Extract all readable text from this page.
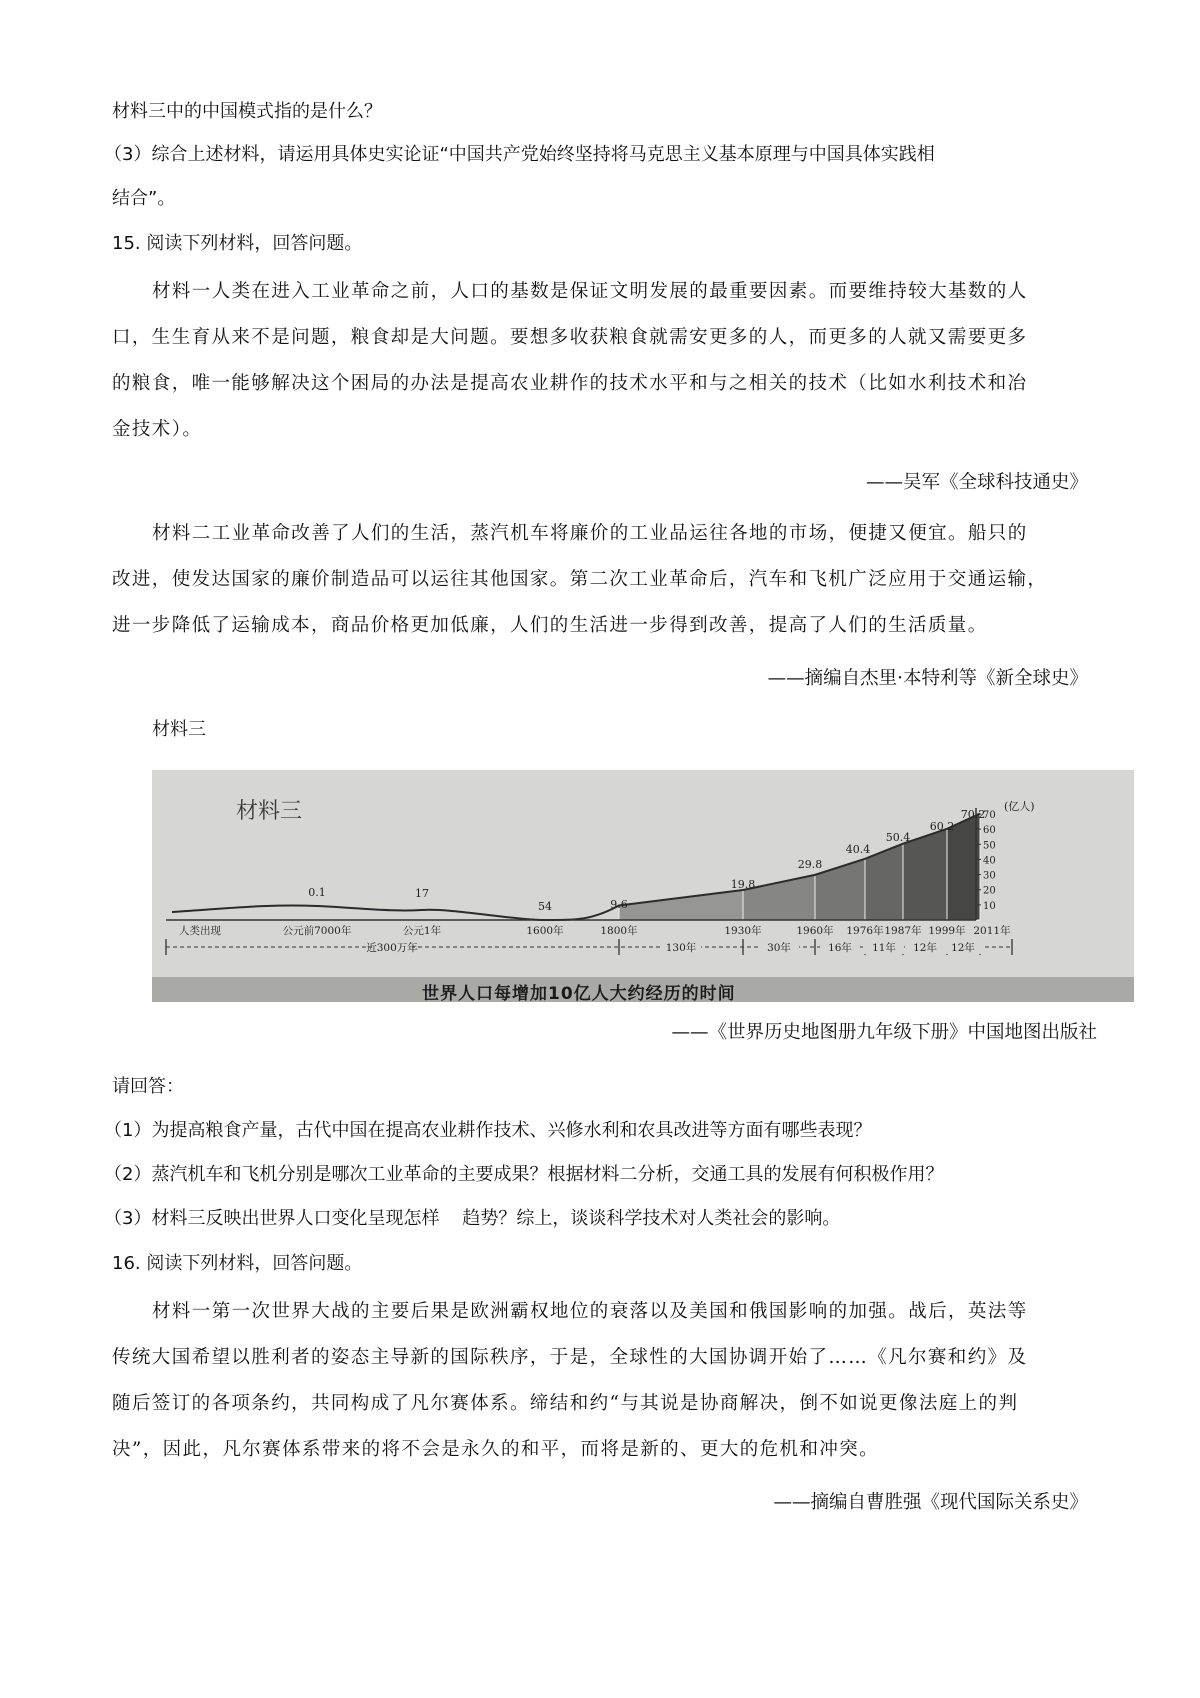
材料三中的中国模式指的是什么？
（3）综合上述材料，请运用具体史实论证“中国共产党始终坚持将马克思主义基本原理与中国具体实践相
结合”。
15. 阅读下列材料，回答问题。
材料一人类在进入工业革命之前，人口的基数是保证文明发展的最重要因素。而要维持较大基数的人
口，生生育从来不是问题，粮食却是大问题。要想多收获粮食就需安更多的人，而更多的人就又需要更多
的粮食，唯一能够解决这个困局的办法是提高农业耕作的技术水平和与之相关的技术（比如水利技术和冶
金技术）。
——吴军《全球科技通史》
材料二工业革命改善了人们的生活，蒸汽机车将廉价的工业品运往各地的市场，便捷又便宜。船只的
改进，使发达国家的廉价制造品可以运往其他国家。第二次工业革命后，汽车和飞机广泛应用于交通运输，
进一步降低了运输成本，商品价格更加低廉，人们的生活进一步得到改善，提高了人们的生活质量。
——摘编自杰里·本特利等《新全球史》
材料三
材料三	(亿人)
10
20
30
40
50
60
70
0.1	17
54	9.6
19.8
29.8
40.4
50.4
60.2
70.2
人类出现	公元前7000年	公元1年	1600年	1800年	1930年	1960年 1976年 1987年 1999年 2011年
近300万年	130年	30年	16年 11年 12年 12年
世界人口每增加10亿人大约经历的时间
——《世界历史地图册九年级下册》中国地图出版社
请回答：
（1）为提高粮食产量，古代中国在提高农业耕作技术、兴修水利和农具改进等方面有哪些表现？
（2）蒸汽机车和飞机分别是哪次工业革命的主要成果？根据材料二分析，交通工具的发展有何积极作用？
（3）材料三反映出世界人口变化呈现怎样    趋势？综上，谈谈科学技术对人类社会的影响。
16. 阅读下列材料，回答问题。
材料一第一次世界大战的主要后果是欧洲霸权地位的衰落以及美国和俄国影响的加强。战后，英法等
传统大国希望以胜利者的姿态主导新的国际秩序，于是，全球性的大国协调开始了……《凡尔赛和约》及
随后签订的各项条约，共同构成了凡尔赛体系。缔结和约“与其说是协商解决，倒不如说更像法庭上的判
决”，因此，凡尔赛体系带来的将不会是永久的和平，而将是新的、更大的危机和冲突。
——摘编自曹胜强《现代国际关系史》
